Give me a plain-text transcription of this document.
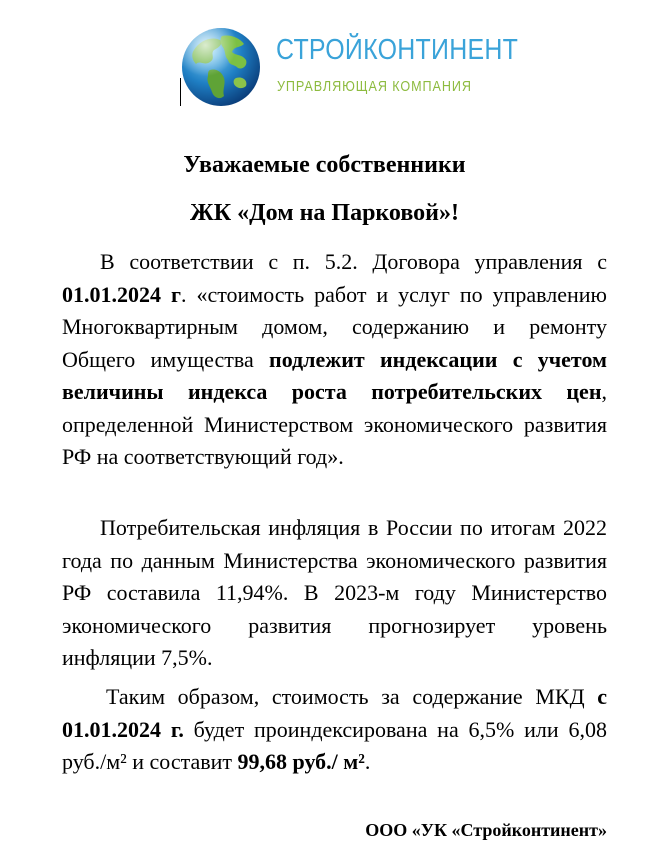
СТРОЙКОНТИНЕНТ
УПРАВЛЯЮЩАЯ КОМПАНИЯ
Уважаемые собственники
ЖК «Дом на Парковой»!

В соответствии с п. 5.2. Договора управления с 01.01.2024 г. «стоимость работ и услуг по управлению Многоквартирным домом, содержанию и ремонту Общего имущества подлежит индексации с учетом величины индекса роста потребительских цен, определенной Министерством экономического развития РФ на соответствующий год».

Потребительская инфляция в России по итогам 2022 года по данным Министерства экономического развития РФ составила 11,94%. В 2023-м году Министерство экономического развития прогнозирует уровень инфляции 7,5%.

Таким образом, стоимость за содержание МКД с 01.01.2024 г. будет проиндексирована на 6,5% или 6,08 руб./м² и составит 99,68 руб./ м².

ООО «УК «Стройконтинент»
